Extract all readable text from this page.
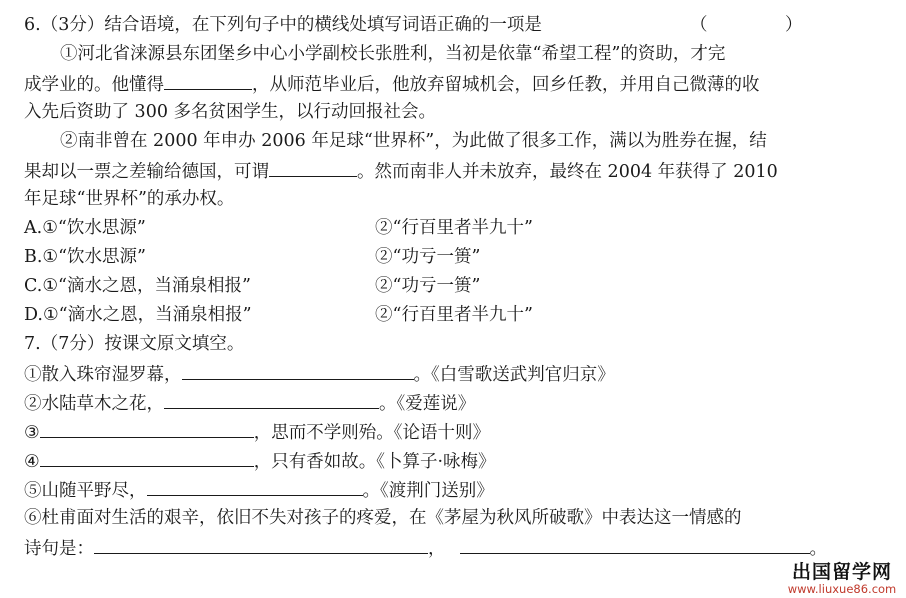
6.（3分）结合语境，在下列句子中的横线处填写词语正确的一项是	（	）
①河北省涞源县东团堡乡中心小学副校长张胜利，当初是依靠“希望工程”的资助，才完
成学业的。他懂得	，从师范毕业后，他放弃留城机会，回乡任教，并用自己微薄的收
入先后资助了 300 多名贫困学生，以行动回报社会。
②南非曾在 2000 年申办 2006 年足球“世界杯”，为此做了很多工作，满以为胜券在握，结
果却以一票之差输给德国，可谓	。然而南非人并未放弃，最终在 2004 年获得了 2010
年足球“世界杯”的承办权。
A.①“饮水思源”	②“行百里者半九十”
B.①“饮水思源”	②“功亏一篑”
C.①“滴水之恩，当涌泉相报”	②“功亏一篑”
D.①“滴水之恩，当涌泉相报”	②“行百里者半九十”
7.（7分）按课文原文填空。
①散入珠帘湿罗幕，	。《白雪歌送武判官归京》
②水陆草木之花，	。《爱莲说》
③	，思而不学则殆。《论语十则》
④	，只有香如故。《卜算子·咏梅》
⑤山随平野尽，	。《渡荆门送别》
⑥杜甫面对生活的艰辛，依旧不失对孩子的疼爱，在《茅屋为秋风所破歌》中表达这一情感的
诗句是：	，	。
出国留学网
www.liuxue86.com
